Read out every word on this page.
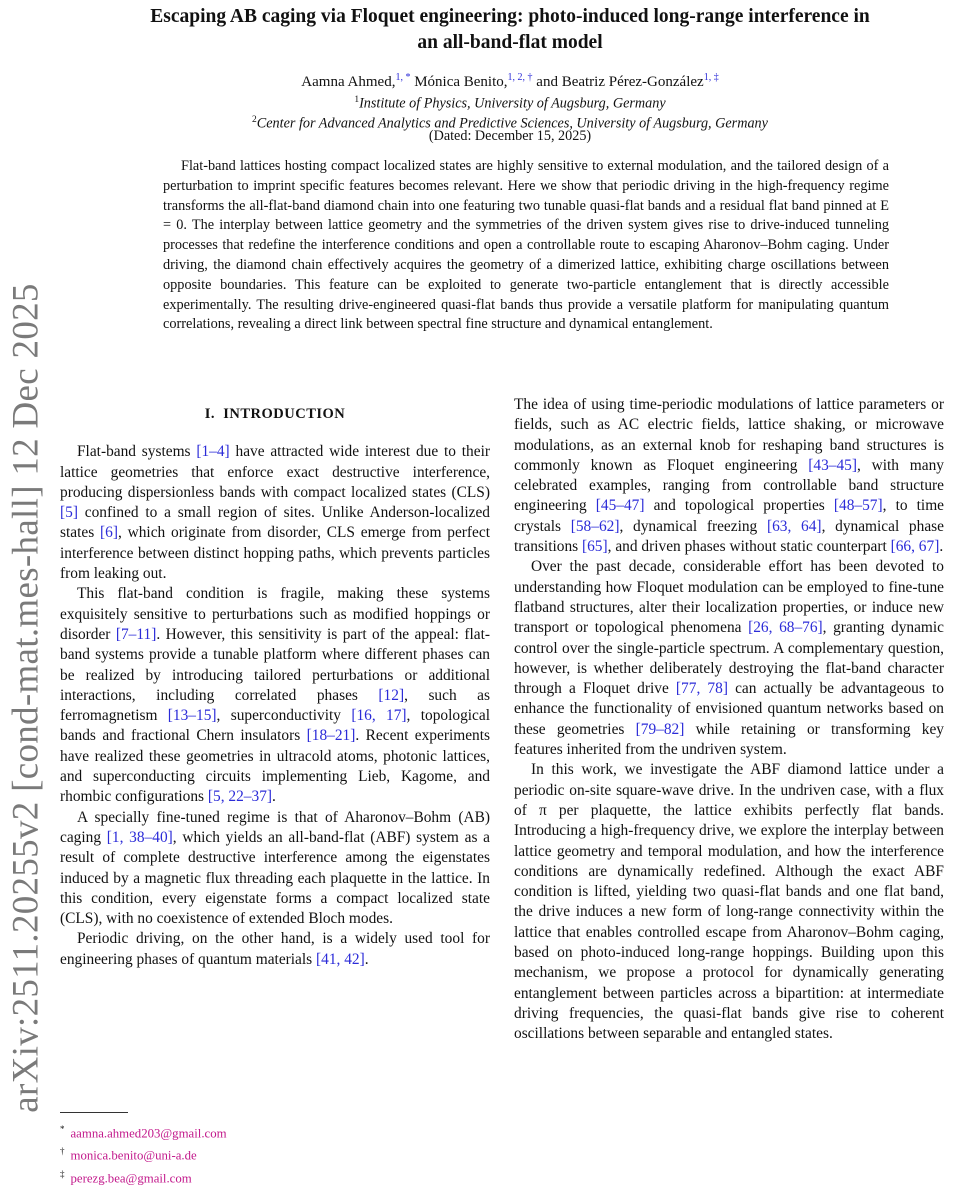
arXiv:2511.20255v2 [cond-mat.mes-hall] 12 Dec 2025
Escaping AB caging via Floquet engineering: photo-induced long-range interference in
an all-band-flat model
Aamna Ahmed,$^{1, *}$ Mónica Benito,$^{1, 2, \dagger}$ and Beatriz Pérez-González$^{1, \ddagger}$
$^1$Institute of Physics, University of Augsburg, Germany
$^2$Center for Advanced Analytics and Predictive Sciences, University of Augsburg, Germany
(Dated: December 15, 2025)
Flat-band lattices hosting compact localized states are highly sensitive to external modulation, and the tailored design of a perturbation to imprint specific features becomes relevant. Here we show that periodic driving in the high-frequency regime transforms the all-flat-band diamond chain into one featuring two tunable quasi-flat bands and a residual flat band pinned at E = 0. The interplay between lattice geometry and the symmetries of the driven system gives rise to drive-induced tunneling processes that redefine the interference conditions and open a controllable route to escaping Aharonov–Bohm caging. Under driving, the diamond chain effectively acquires the geometry of a dimerized lattice, exhibiting charge oscillations between opposite boundaries. This feature can be exploited to generate two-particle entanglement that is directly accessible experimentally. The resulting drive-engineered quasi-flat bands thus provide a versatile platform for manipulating quantum correlations, revealing a direct link between spectral fine structure and dynamical entanglement.
I. INTRODUCTION

Flat-band systems [1–4] have attracted wide interest due to their lattice geometries that enforce exact destructive interference, producing dispersionless bands with compact localized states (CLS) [5] confined to a small region of sites. Unlike Anderson-localized states [6], which originate from disorder, CLS emerge from perfect interference between distinct hopping paths, which prevents particles from leaking out.

This flat-band condition is fragile, making these systems exquisitely sensitive to perturbations such as modified hoppings or disorder [7–11]. However, this sensitivity is part of the appeal: flat-band systems provide a tunable platform where different phases can be realized by introducing tailored perturbations or additional interactions, including correlated phases [12], such as ferromagnetism [13–15], superconductivity [16, 17], topological bands and fractional Chern insulators [18–21]. Recent experiments have realized these geometries in ultracold atoms, photonic lattices, and superconducting circuits implementing Lieb, Kagome, and rhombic configurations [5, 22–37].

A specially fine-tuned regime is that of Aharonov–Bohm (AB) caging [1, 38–40], which yields an all-band-flat (ABF) system as a result of complete destructive interference among the eigenstates induced by a magnetic flux threading each plaquette in the lattice. In this condition, every eigenstate forms a compact localized state (CLS), with no coexistence of extended Bloch modes.

Periodic driving, on the other hand, is a widely used tool for engineering phases of quantum materials [41, 42].

The idea of using time-periodic modulations of lattice parameters or fields, such as AC electric fields, lattice shaking, or microwave modulations, as an external knob for reshaping band structures is commonly known as Floquet engineering [43–45], with many celebrated examples, ranging from controllable band structure engineering [45–47] and topological properties [48–57], to time crystals [58–62], dynamical freezing [63, 64], dynamical phase transitions [65], and driven phases without static counterpart [66, 67].

Over the past decade, considerable effort has been devoted to understanding how Floquet modulation can be employed to fine-tune flatband structures, alter their localization properties, or induce new transport or topological phenomena [26, 68–76], granting dynamic control over the single-particle spectrum. A complementary question, however, is whether deliberately destroying the flat-band character through a Floquet drive [77, 78] can actually be advantageous to enhance the functionality of envisioned quantum networks based on these geometries [79–82] while retaining or transforming key features inherited from the undriven system.

In this work, we investigate the ABF diamond lattice under a periodic on-site square-wave drive. In the undriven case, with a flux of π per plaquette, the lattice exhibits perfectly flat bands. Introducing a high-frequency drive, we explore the interplay between lattice geometry and temporal modulation, and how the interference conditions are dynamically redefined. Although the exact ABF condition is lifted, yielding two quasi-flat bands and one flat band, the drive induces a new form of long-range connectivity within the lattice that enables controlled escape from Aharonov–Bohm caging, based on photo-induced long-range hoppings. Building upon this mechanism, we propose a protocol for dynamically generating entanglement between particles across a bipartition: at intermediate driving frequencies, the quasi-flat bands give rise to coherent oscillations between separable and entangled states.

* aamna.ahmed203@gmail.com
† monica.benito@uni-a.de
‡ perezg.bea@gmail.com
